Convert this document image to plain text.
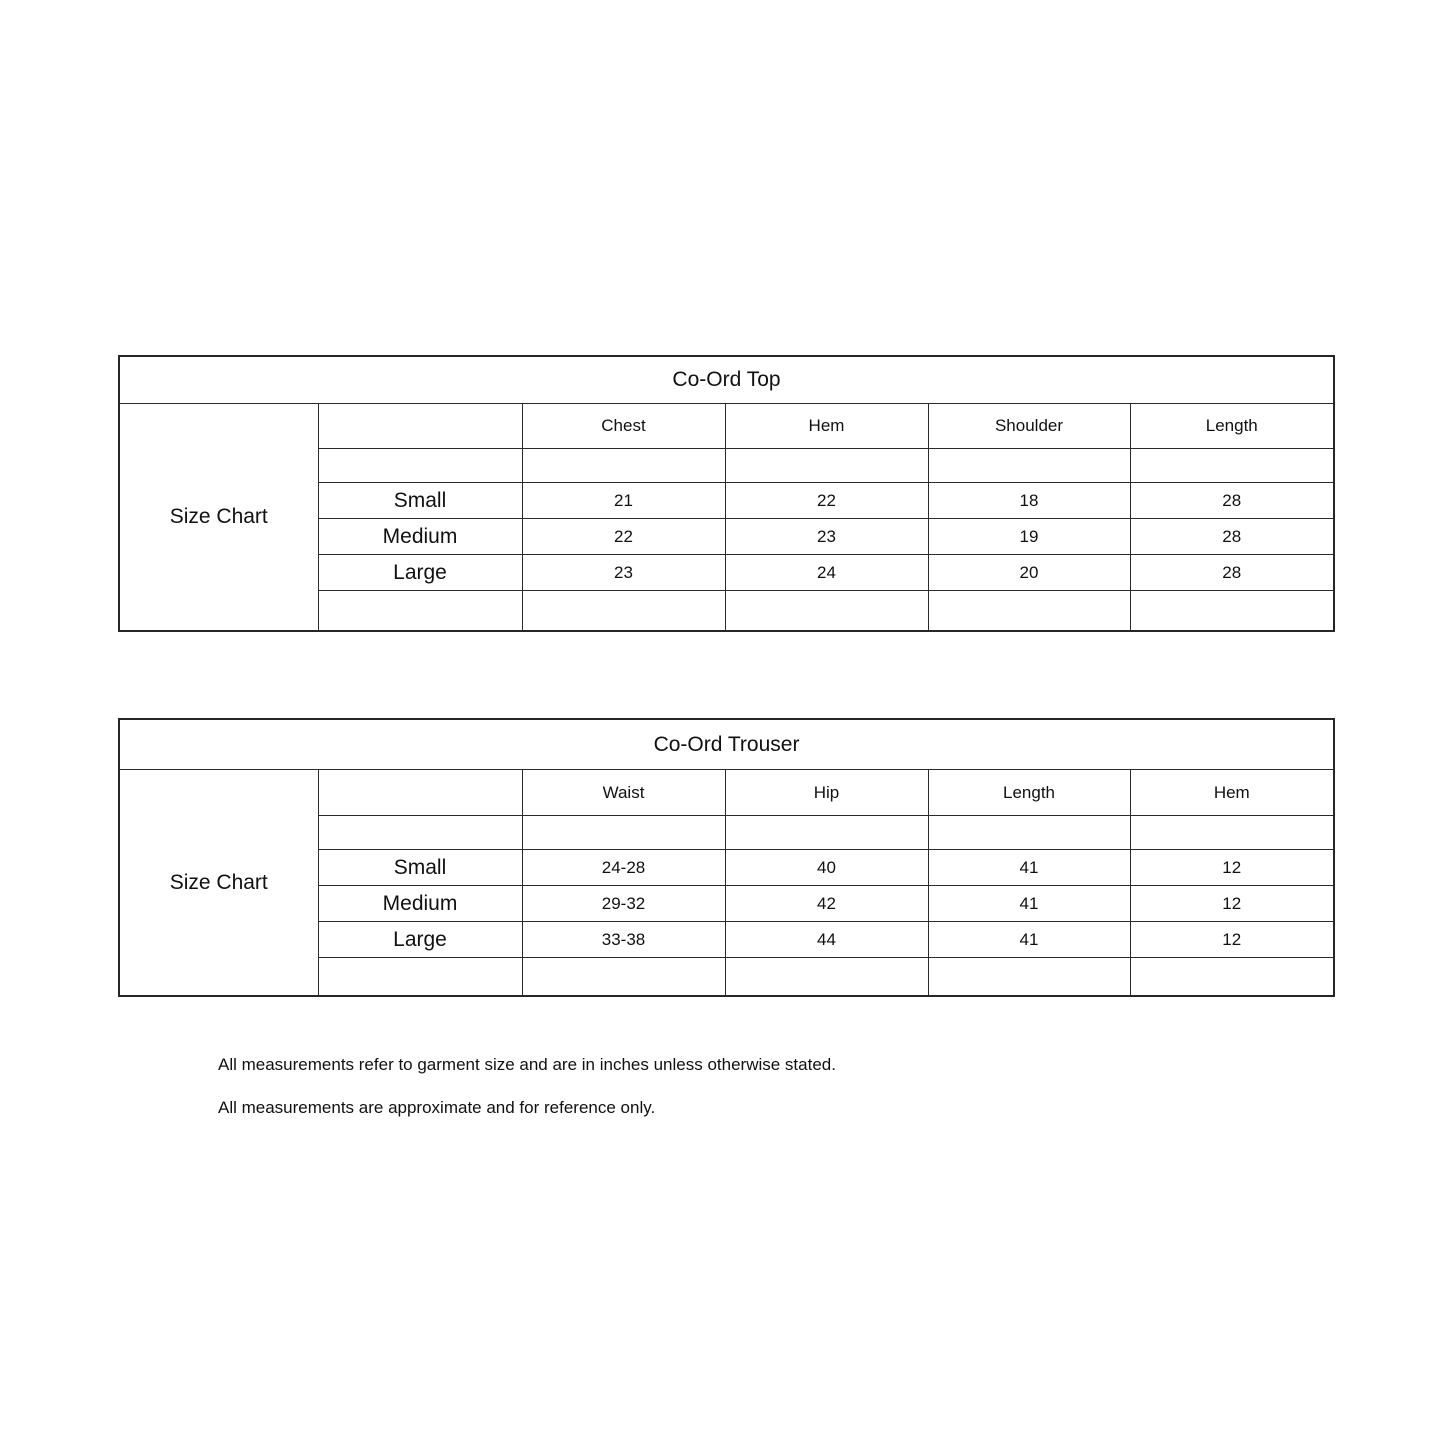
Co-Ord Top					
Size Chart		Chest	Hem	Shoulder	Length

	Small	21	22	18	28
	Medium	22	23	19	28
	Large	23	24	20	28

Co-Ord Trouser					
Size Chart		Waist	Hip	Length	Hem

	Small	24-28	40	41	12
	Medium	29-32	42	41	12
	Large	33-38	44	41	12

All measurements refer to garment size and are in inches unless otherwise stated.
All measurements are approximate and for reference only.
